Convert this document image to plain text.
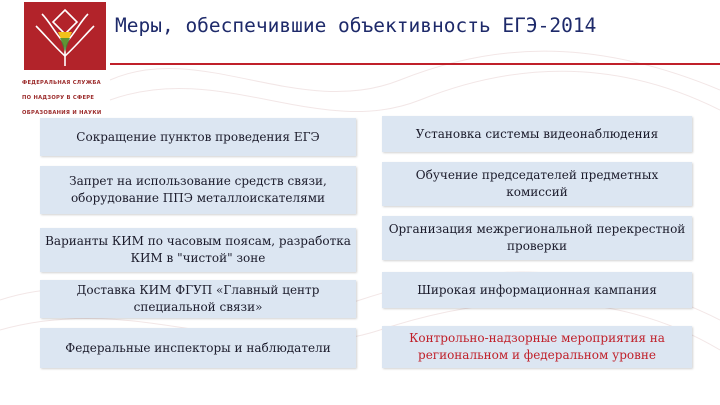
ФЕДЕРАЛЬНАЯ СЛУЖБА
ПО НАДЗОРУ В СФЕРЕ
ОБРАЗОВАНИЯ И НАУКИ
Меры, обеспечившие объективность ЕГЭ-2014
Сокращение пунктов проведения ЕГЭ
Запрет на использование средств связи, оборудование ППЭ металлоискателями
Варианты КИМ по часовым поясам, разработка КИМ в "чистой" зоне
Доставка КИМ ФГУП «Главный центр специальной связи»
Федеральные инспекторы и наблюдатели
Установка системы видеонаблюдения
Обучение председателей предметных комиссий
Организация межрегиональной перекрестной проверки
Широкая информационная кампания
Контрольно-надзорные мероприятия на региональном и федеральном уровне
